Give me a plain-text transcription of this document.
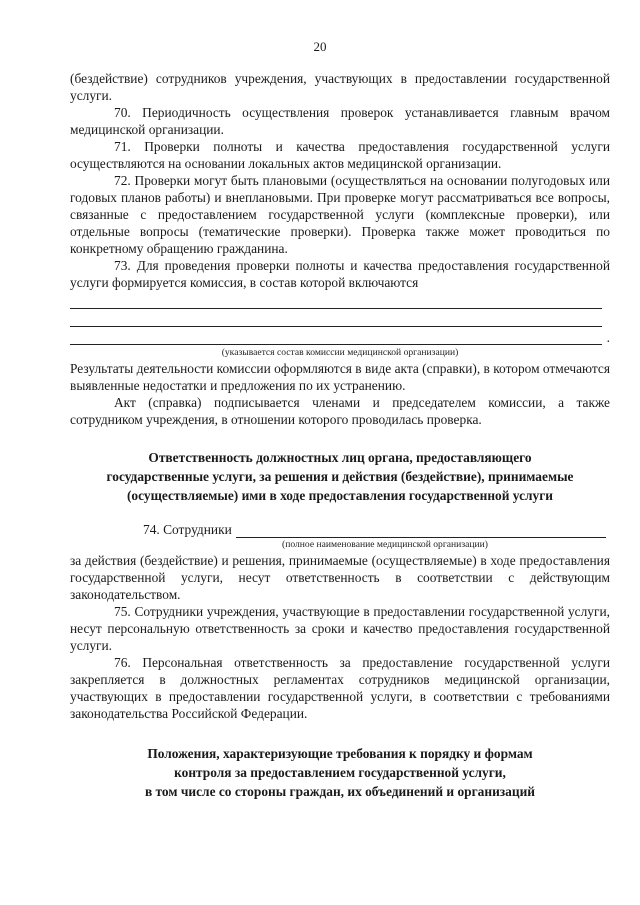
20

(бездействие) сотрудников учреждения, участвующих в предоставлении государственной услуги.

70. Периодичность осуществления проверок устанавливается главным врачом медицинской организации.

71. Проверки полноты и качества предоставления государственной услуги осуществляются на основании локальных актов медицинской организации.

72. Проверки могут быть плановыми (осуществляться на основании полугодовых или годовых планов работы) и внеплановыми. При проверке могут рассматриваться все вопросы, связанные с предоставлением государственной услуги (комплексные проверки), или отдельные вопросы (тематические проверки). Проверка также может проводиться по конкретному обращению гражданина.

73. Для проведения проверки полноты и качества предоставления государственной услуги формируется комиссия, в состав которой включаются

.
(указывается состав комиссии медицинской организации)

Результаты деятельности комиссии оформляются в виде акта (справки), в котором отмечаются выявленные недостатки и предложения по их устранению.

Акт (справка) подписывается членами и председателем комиссии, а также сотрудником учреждения, в отношении которого проводилась проверка.

Ответственность должностных лиц органа, предоставляющего
государственные услуги, за решения и действия (бездействие), принимаемые
(осуществляемые) ими в ходе предоставления государственной услуги
74. Сотрудники
(полное наименование медицинской организации)

за действия (бездействие) и решения, принимаемые (осуществляемые) в ходе предоставления государственной услуги, несут ответственность в соответствии с действующим законодательством.

75. Сотрудники учреждения, участвующие в предоставлении государственной услуги, несут персональную ответственность за сроки и качество предоставления государственной услуги.

76. Персональная ответственность за предоставление государственной услуги закрепляется в должностных регламентах сотрудников медицинской организации, участвующих в предоставлении государственной услуги, в соответствии с требованиями законодательства Российской Федерации.

Положения, характеризующие требования к порядку и формам
контроля за предоставлением государственной услуги,
в том числе со стороны граждан, их объединений и организаций
